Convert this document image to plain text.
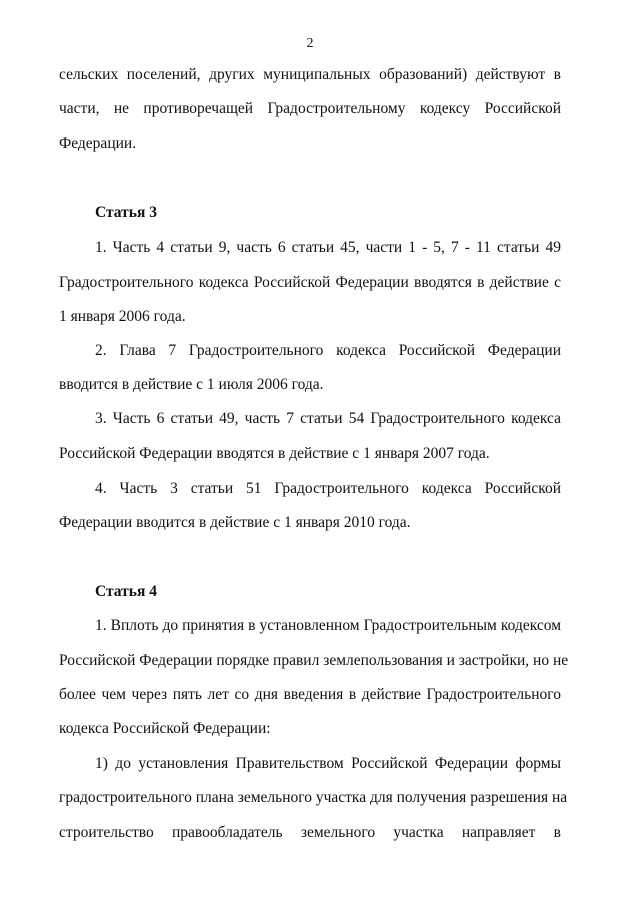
2
сельских поселений, других муниципальных образований) действуют в
части, не противоречащей Градостроительному кодексу Российской
Федерации.
Статья 3
1. Часть 4 статьи 9, часть 6 статьи 45, части 1 - 5, 7 - 11 статьи 49
Градостроительного кодекса Российской Федерации вводятся в действие с
1 января 2006 года.
2. Глава 7 Градостроительного кодекса Российской Федерации
вводится в действие с 1 июля 2006 года.
3. Часть 6 статьи 49, часть 7 статьи 54 Градостроительного кодекса
Российской Федерации вводятся в действие с 1 января 2007 года.
4. Часть 3 статьи 51 Градостроительного кодекса Российской
Федерации вводится в действие с 1 января 2010 года.
Статья 4
1. Вплоть до принятия в установленном Градостроительным кодексом
Российской Федерации порядке правил землепользования и застройки, но не
более чем через пять лет со дня введения в действие Градостроительного
кодекса Российской Федерации:
1) до установления Правительством Российской Федерации формы
градостроительного плана земельного участка для получения разрешения на
строительство правообладатель земельного участка направляет в
